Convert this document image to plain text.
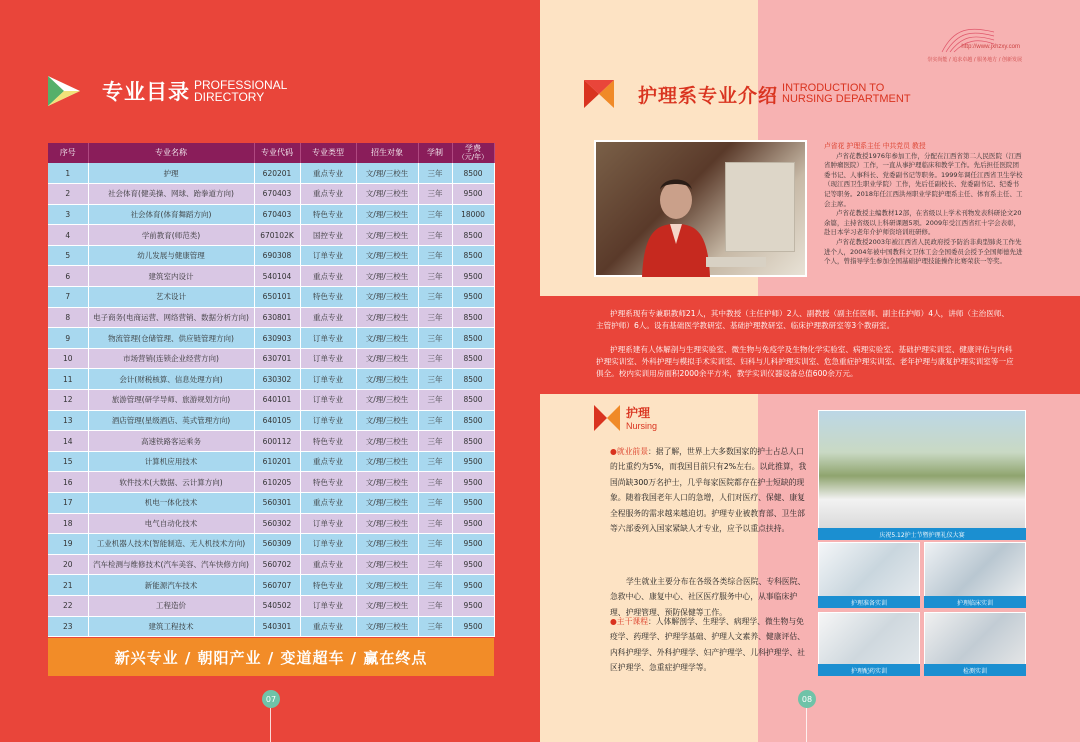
专业目录 PROFESSIONAL
DIRECTORY
序号	专业名称	专业代码	专业类型	招生对象	学制	学费
（元/年）

1	护理	620201	重点专业	文/理/三校生	三年	8500
2	社会体育(健美操、网球、跆拳道方向)	670403	重点专业	文/理/三校生	三年	9500
3	社会体育(体育舞蹈方向)	670403	特色专业	文/理/三校生	三年	18000
4	学前教育(师范类)	670102K	国控专业	文/理/三校生	三年	8500
5	幼儿发展与健康管理	690308	订单专业	文/理/三校生	三年	8500
6	建筑室内设计	540104	重点专业	文/理/三校生	三年	9500
7	艺术设计	650101	特色专业	文/理/三校生	三年	9500
8	电子商务(电商运营、网络营销、数据分析方向)	630801	重点专业	文/理/三校生	三年	8500
9	物流管理(仓储管理、供应链管理方向)	630903	订单专业	文/理/三校生	三年	8500
10	市场营销(连锁企业经营方向)	630701	订单专业	文/理/三校生	三年	8500
11	会计(财税核算、信息处理方向)	630302	订单专业	文/理/三校生	三年	8500
12	旅游管理(研学导师、旅游规划方向)	640101	订单专业	文/理/三校生	三年	8500
13	酒店管理(星级酒店、英式管理方向)	640105	订单专业	文/理/三校生	三年	8500
14	高速铁路客运乘务	600112	特色专业	文/理/三校生	三年	8500
15	计算机应用技术	610201	重点专业	文/理/三校生	三年	9500
16	软件技术(大数据、云计算方向)	610205	特色专业	文/理/三校生	三年	9500
17	机电一体化技术	560301	重点专业	文/理/三校生	三年	9500
18	电气自动化技术	560302	订单专业	文/理/三校生	三年	9500
19	工业机器人技术(智能制造、无人机技术方向)	560309	订单专业	文/理/三校生	三年	9500
20	汽车检测与维修技术(汽车美容、汽车快修方向)	560702	重点专业	文/理/三校生	三年	9500
21	新能源汽车技术	560707	特色专业	文/理/三校生	三年	9500
22	工程造价	540502	订单专业	文/理/三校生	三年	9500
23	建筑工程技术	540301	重点专业	文/理/三校生	三年	9500
新兴专业 / 朝阳产业 / 变道超车 / 赢在终点
07
http://www.jxhzxy.com
崇实尚能 / 追求卓越 / 服务地方 / 创新发展
护理系专业介绍 INTRODUCTION TO
NURSING DEPARTMENT
卢省花 护理系主任 中共党员 教授
卢省花教授1976年参加工作，分配在江西省第二人民医院（江西省肿瘤医院）工作，一直从事护理临床和教学工作。先后担任医院团委书记、人事科长、党委副书记等职务。1999年调任江西省卫生学校（现江西卫生职业学院）工作，先后任副校长、党委副书记、纪委书记等职务。2018年任江西洪州职业学院护理系主任、体育系主任、工会主席。
卢省花教授主编教材12部，在省级以上学术刊物发表科研论文20余篇，主持省级以上科研课题5项。2009年受江西省红十字会表彰，赴日本学习老年介护师资培训班研修。
卢省花教授2003年被江西省人民政府授予防治非典型肺炎工作先进个人，2004年被中国教科文卫体工会全国委员会授予全国师德先进个人，曾指导学生参加全国基础护理技能操作比赛荣获一等奖。
护理系现有专兼职教师21人，其中教授（主任护师）2人、副教授（副主任医师、副主任护师）4人，讲师（主治医师、主管护师）6人。设有基础医学教研室、基础护理教研室、临床护理教研室等3个教研室。
护理系建有人体解剖与生理实验室、微生物与免疫学及生物化学实验室、病理实验室、基础护理实训室、健康评估与内科护理实训室、外科护理与模拟手术实训室、妇科与儿科护理实训室、危急重症护理实训室、老年护理与康复护理实训室等一应俱全。校内实训用房面积2000余平方米，教学实训仪器设备总值600余万元。
护理
Nursing
●就业前景：据了解，世界上大多数国家的护士占总人口的比重约为5%，而我国目前只有2%左右。以此推算，我国尚缺300万名护士，几乎每家医院都存在护士短缺的现象。随着我国老年人口的急增，人们对医疗、保健、康复全程服务的需求越来越迫切。护理专业被教育部、卫生部等六部委列入国家紧缺人才专业，应予以重点扶持。
学生就业主要分布在各级各类综合医院、专科医院、急救中心、康复中心、社区医疗服务中心，从事临床护理、护理管理、预防保健等工作。
●主干课程：人体解剖学、生理学、病理学、微生物与免疫学、药理学、护理学基础、护理人文素养、健康评估、内科护理学、外科护理学、妇产护理学、儿科护理学、社区护理学、急重症护理学等。
庆祝5.12护士节暨护理礼仪大赛
护理准备实训	护理临床实训
护理配药实训	检测实训
08
